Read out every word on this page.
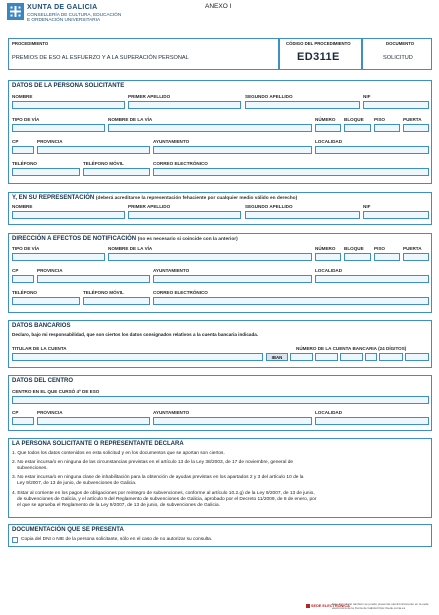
XUNTA DE GALICIA
CONSELLERÍA DE CULTURA, EDUCACIÓN
E ORDENACIÓN UNIVERSITARIA
ANEXO I
PROCEDIMIENTO
PREMIOS DE ESO AL ESFUERZO Y A LA SUPERACIÓN PERSONAL
CÓDIGO DEL PROCEDIMIENTO
ED311E
DOCUMENTO
SOLICITUD
DATOS DE LA PERSONA SOLICITANTE
NOMBRE	PRIMER APELLIDO	SEGUNDO APELLIDO	NIF
TIPO DE VÍA	NOMBRE DE LA VÍA	NÚMERO BLOQUE PISO	PUERTA
CP	PROVINCIA	AYUNTAMIENTO	LOCALIDAD
TELÉFONO	TELÉFONO MÓVIL	CORREO ELECTRÓNICO
Y, EN SU REPRESENTACIÓN (deberá acreditarse la representación fehaciente por cualquier medio válido en derecho)
NOMBRE	PRIMER APELLIDO	SEGUNDO APELLIDO	NIF
DIRECCIÓN A EFECTOS DE NOTIFICACIÓN (no es necesario si coincide con la anterior)
TIPO DE VÍA	NOMBRE DE LA VÍA	NÚMERO BLOQUE PISO	PUERTA
CP	PROVINCIA	AYUNTAMIENTO	LOCALIDAD
TELÉFONO	TELÉFONO MÓVIL	CORREO ELECTRÓNICO
DATOS BANCARIOS
Declaro, bajo mi responsabilidad, que son ciertos los datos consignados relativos a la cuenta bancaria indicada.
TITULAR DE LA CUENTA	NÚMERO DE LA CUENTA BANCARIA (24 DÍGITOS)
IBAN
DATOS DEL CENTRO
CENTRO EN EL QUE CURSÓ 4º DE ESO
CP	PROVINCIA	AYUNTAMIENTO	LOCALIDAD
LA PERSONA SOLICITANTE O REPRESENTANTE DECLARA
1. Que todos los datos contenidos en esta solicitud y en los documentos que se aportan son ciertos.
2. No estar incursa/o en ninguna de las circunstancias previstas en el artículo 13 de la Ley 38/2003, de 17 de noviembre, general de
subvenciones.
3. No estar incursa/o en ninguna clase de inhabilitación para la obtención de ayudas previstas en los apartados 2 y 3 del artículo 10 de la
Ley 9/2007, de 13 de junio, de subvenciones de Galicia.
4. Estar al corriente en los pagos de obligaciones por reintegro de subvenciones, conforme al artículo 10.2.g) de la Ley 9/2007, de 13 de junio,
de subvenciones de Galicia, y el artículo 9 del Reglamento de subvenciones de Galicia, aprobado por el Decreto 11/2009, de 8 de enero, por
el que se aprueba el Reglamento de la Ley 9/2007, de 13 de junio, de subvenciones de Galicia.
DOCUMENTACIÓN QUE SE PRESENTA
Copia del DNI o NIE de la persona solicitante, sólo en el caso de no autorizar su consulta.
SEDE ELECTRÓNICA
Este formulario también se puede presentar electrónicamente en la sede electrónica de la Xunta de Galicia https://sede.xunta.es
